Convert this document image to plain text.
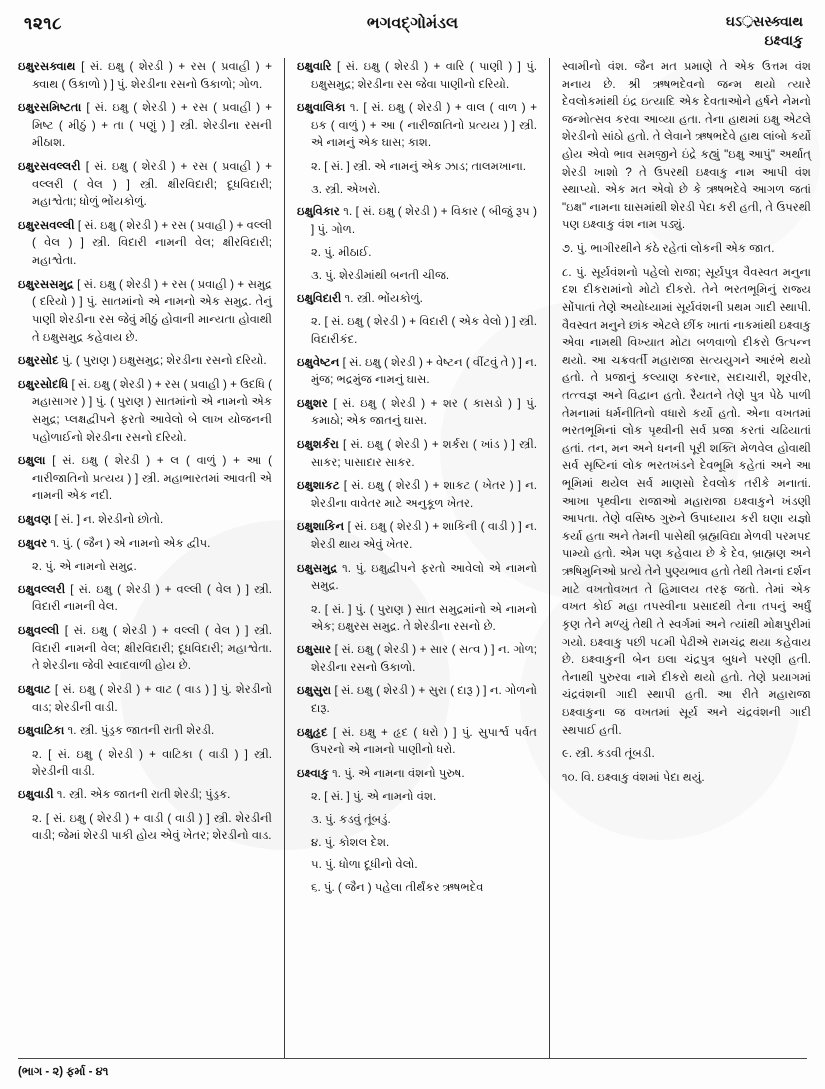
૧૨૧૮	ભગવદ્ગોમંડલ	ઘઽ્રસસ્ક્વાથ
ઇક્ષ્વાકુ

ઇક્ષુરસક્વાથ [ સં. ઇક્ષુ ( શેરડી ) + રસ ( પ્રવાહી ) + ક્વાથ ( ઉકાળો ) ] પું. શેરડીના રસનો ઉકાળો; ગોળ.

ઇક્ષુરસમિષ્ટતા [ સં. ઇક્ષુ ( શેરડી ) + રસ ( પ્રવાહી ) + મિષ્ટ ( મીઠું ) + તા ( પણું ) ] સ્ત્રી. શેરડીના રસની મીઠાશ.

ઇક્ષુરસવલ્લરી [ સં. ઇક્ષુ ( શેરડી ) + રસ ( પ્રવાહી ) + વલ્લરી ( વેલ ) ] સ્ત્રી. ક્ષીરવિદારી; દૂધવિદારી; મહાશ્વેતા; ધોળું ભોંયકોળું.

ઇક્ષુરસવલ્લી [ સં. ઇક્ષુ ( શેરડી ) + રસ ( પ્રવાહી ) + વલ્લી ( વેલ ) ] સ્ત્રી. વિદારી નામની વેલ; ક્ષીરવિદારી; મહાશ્વેતા.

ઇક્ષુરસસમુદ્ર [ સં. ઇક્ષુ ( શેરડી ) + રસ ( પ્રવાહી ) + સમુદ્ર ( દરિયો ) ] પું. સાતમાંનો એ નામનો એક સમુદ્ર. તેનું પાણી શેરડીના રસ જેવું મીઠું હોવાની માન્યતા હોવાથી તે ઇક્ષુસમુદ્ર કહેવાય છે.

ઇક્ષુરસોદ પું. ( પુરાણ ) ઇક્ષુસમુદ્ર; શેરડીના રસનો દરિયો.

ઇક્ષુરસોદધિ [ સં. ઇક્ષુ ( શેરડી ) + રસ ( પ્રવાહી ) + ઉદધિ ( મહાસાગર ) ] પું. ( પુરાણ ) સાતમાંનો એ નામનો એક સમુદ્ર; પ્લક્ષદ્વીપને ફરતો આવેલો બે લાખ યોજનની પહોળાઈનો શેરડીના રસનો દરિયો.

ઇક્ષુલા [ સં. ઇક્ષુ ( શેરડી ) + લ ( વાળું ) + આ ( નારીજાતિનો પ્રત્યય ) ] સ્ત્રી. મહાભારતમાં આવતી એ નામની એક નદી.

ઇક્ષુવણ [ સં. ] ન. શેરડીનો છોતો.

ઇક્ષુવર ૧. પું. ( જૈન ) એ નામનો એક દ્વીપ.

૨. પું. એ નામનો સમુદ્ર.

ઇક્ષુવલ્લરી [ સં. ઇક્ષુ ( શેરડી ) + વલ્લી ( વેલ ) ] સ્ત્રી. વિદારી નામની વેલ.

ઇક્ષુવલ્લી [ સં. ઇક્ષુ ( શેરડી ) + વલ્લી ( વેલ ) ] સ્ત્રી. વિદારી નામની વેલ; ક્ષીરવિદારી; દૂધવિદારી; મહાશ્વેતા. તે શેરડીના જેવી સ્વાદવાળી હોય છે.

ઇક્ષુવાટ [ સં. ઇક્ષુ ( શેરડી ) + વાટ ( વાડ ) ] પું. શેરડીનો વાડ; શેરડીની વાડી.

ઇક્ષુવાટિકા ૧. સ્ત્રી. પુંડ્રક જાતની રાતી શેરડી.

૨. [ સં. ઇક્ષુ ( શેરડી ) + વાટિકા ( વાડી ) ] સ્ત્રી. શેરડીની વાડી.

ઇક્ષુવાડી ૧. સ્ત્રી. એક જાતની રાતી શેરડી; પુંડ્રક.

૨. [ સં. ઇક્ષુ ( શેરડી ) + વાડી ( વાડી ) ] સ્ત્રી. શેરડીની વાડી; જેમાં શેરડી પાકી હોય એવું ખેતર; શેરડીનો વાડ.

ઇક્ષુવારિ [ સં. ઇક્ષુ ( શેરડી ) + વારિ ( પાણી ) ] પું. ઇક્ષુસમુદ્ર; શેરડીના રસ જેવા પાણીનો દરિયો.

ઇક્ષુવાલિકા ૧. [ સં. ઇક્ષુ ( શેરડી ) + વાલ ( વાળ ) + ઇક ( વાળું ) + આ ( નારીજાતિનો પ્રત્યય ) ] સ્ત્રી. એ નામનું એક ઘાસ; કાશ.

૨. [ સં. ] સ્ત્રી. એ નામનું એક ઝાડ; તાલમખાના.

૩. સ્ત્રી. એખરો.

ઇક્ષુવિકાર ૧. [ સં. ઇક્ષુ ( શેરડી ) + વિકાર ( બીજું રૂપ ) ] પું. ગોળ.

૨. પું. મીઠાઈ.

૩. પું. શેરડીમાંથી બનતી ચીજ.

ઇક્ષુવિદારી ૧. સ્ત્રી. ભોંયકોળું.

૨. [ સં. ઇક્ષુ ( શેરડી ) + વિદારી ( એક વેલો ) ] સ્ત્રી. વિદારીકંદ.

ઇક્ષુવેષ્ટન [ સં. ઇક્ષુ ( શેરડી ) + વેષ્ટન ( વીંટવું તે ) ] ન. મુંજ; ભદ્રમુંજ નામનું ઘાસ.

ઇક્ષુશર [ સં. ઇક્ષુ ( શેરડી ) + શર ( કાસડો ) ] પું. કમાઠો; એક જાતનું ઘાસ.

ઇક્ષુશર્કરા [ સં. ઇક્ષુ ( શેરડી ) + શર્કરા ( ખાંડ ) ] સ્ત્રી. સાકર; પાસાદાર સાકર.

ઇક્ષુશાકટ [ સં. ઇક્ષુ ( શેરડી ) + શાકટ ( ખેતર ) ] ન. શેરડીના વાવેતર માટે અનુકૂળ ખેતર.

ઇક્ષુશાકિન [ સં. ઇક્ષુ ( શેરડી ) + શાકિની ( વાડી ) ] ન. શેરડી થાય એવું ખેતર.

ઇક્ષુસમુદ્ર ૧. પું. ઇક્ષુદ્વીપને ફરતો આવેલો એ નામનો સમુદ્ર.

૨. [ સં. ] પું. ( પુરાણ ) સાત સમુદ્રમાંનો એ નામનો એક; ઇક્ષુરસ સમુદ્ર. તે શેરડીના રસનો છે.

ઇક્ષુસાર [ સં. ઇક્ષુ ( શેરડી ) + સાર ( સત્વ ) ] ન. ગોળ; શેરડીના રસનો ઉકાળો.

ઇક્ષુસુરા [ સં. ઇક્ષુ ( શેરડી ) + સુરા ( દારૂ ) ] ન. ગોળનો દારૂ.

ઇક્ષુહૃદ [ સં. ઇક્ષુ + હૃદ ( ધરો ) ] પું. સુપાર્શ્વ પર્વત ઉપરનો એ નામનો પાણીનો ધરો.

ઇક્ષ્વાકુ ૧. પું. એ નામના વંશનો પુરુષ.

૨. [ સં. ] પું. એ નામનો વંશ.

૩. પું. કડવું તૂંબડું.

૪. પું. કોશલ દેશ.

૫. પું. ધોળા દૂધીનો વેલો.

૬. પું. ( જૈન ) પહેલા તીર્થંકર ઋષભદેવ

સ્વામીનો વંશ. જૈન મત પ્રમાણે તે એક ઉત્તમ વંશ મનાય છે. શ્રી ઋષભદેવનો જન્મ થયો ત્યારે દેવલોકમાંથી ઇંદ્ર ઇત્યાદિ એક દેવતાઓને હર્ષને નેમનો જન્મોત્સવ કરવા આવ્યા હતા. તેના હાથમાં ઇક્ષુ એટલે શેરડીનો સાંઠો હતો. તે લેવાને ઋષભદેવે હાથ લાંબો કર્યો હોય એવો ભાવ સમજીને ઇંદ્રે કહ્યું "ઇક્ષુ આપું" અર્થાત્ શેરડી ખાશો ? તે ઉપરથી ઇક્ષ્વાકુ નામ આપી વંશ સ્થાપ્યો. એક મત એવો છે કે ઋષભદેવે આગળ જતાં "ઇક્ષ" નામના ઘાસમાંથી શેરડી પેદા કરી હતી, તે ઉપરથી પણ ઇક્ષ્વાકુ વંશ નામ પડ્યું.

૭. પું. ભાગીરથીને કંઠે રહેતાં લોકની એક જાત.

૮. પું. સૂર્યવંશનો પહેલો રાજા; સૂર્યપુત્ર વૈવસ્વત મનુના દશ દીકરામાંનો મોટો દીકરો. તેને ભરતભૂમિનું રાજ્ય સોંપાતાં તેણે અયોધ્યામાં સૂર્યવંશની પ્રથમ ગાદી સ્થાપી. વૈવસ્વત મનુને છાંક એટલે છીંક ખાતાં નાકમાંથી ઇક્ષ્વાકુ એવા નામથી વિખ્યાત મોટા બળવાળો દીકરો ઉત્પન્ન થયો. આ ચક્રવર્તી મહારાજા સત્યયુગને આરંભે થયો હતો. તે પ્રજાનું કલ્યાણ કરનાર, સદાચારી, શૂરવીર, તત્ત્વજ્ઞ અને વિદ્વાન હતો. રૈયતને તેણે પુત્ર પેઠે પાળી તેમનામાં ધર્મનીતિનો વધારો કર્યો હતો. એના વખતમાં ભરતભૂમિનાં લોક પૃથ્વીની સર્વ પ્રજા કરતાં ચઢિયાતાં હતાં. તન, મન અને ધનની પૂરી શક્તિ મેળવેલ હોવાથી સર્વ સૃષ્ટિનાં લોક ભરતખંડને દેવભૂમિ કહેતાં અને આ ભૂમિમાં થયેલ સર્વ માણસો દેવલોક તરીકે મનાતાં. આખા પૃથ્વીના રાજાઓ મહારાજા ઇક્ષ્વાકુને ખંડણી આપતા. તેણે વસિષ્ઠ ગુરુને ઉપાધ્યાય કરી ઘણા યજ્ઞો કર્યા હતા અને તેમની પાસેથી બ્રહ્મવિદ્યા મેળવી પરમપદ પામ્યો હતો. એમ પણ કહેવાય છે કે દેવ, બ્રાહ્મણ અને ઋષિમુનિઓ પ્રત્યે તેને પુણ્યભાવ હતો તેથી તેમનાં દર્શન માટે વખતોવખત તે હિમાલય તરફ જતો. તેમાં એક વખત કોઈ મહા તપસ્વીના પ્રસાદથી તેના તપનું અર્ધું કૃણ તેને મળ્યું તેથી તે સ્વર્ગમાં અને ત્યાંથી મોક્ષપુરીમાં ગયો. ઇક્ષ્વાકુ પછી ૫૮મી પેઢીએ રામચંદ્ર થયા કહેવાય છે. ઇક્ષ્વાકુની બેન ઇલા ચંદ્રપુત્ર બુધને પરણી હતી. તેનાથી પુરુરવા નામે દીકરો થયો હતો. તેણે પ્રયાગમાં ચંદ્રવંશની ગાદી સ્થાપી હતી. આ રીતે મહારાજા ઇક્ષ્વાકુના જ વખતમાં સૂર્ય અને ચંદ્રવંશની ગાદી સ્થપાઈ હતી.

૯. સ્ત્રી. કડવી તૂંબડી.

૧૦. વિ. ઇક્ષ્વાકુ વંશમાં પેદા થયું.

(ભાગ - ૨) ફર્મા - ૪૧
